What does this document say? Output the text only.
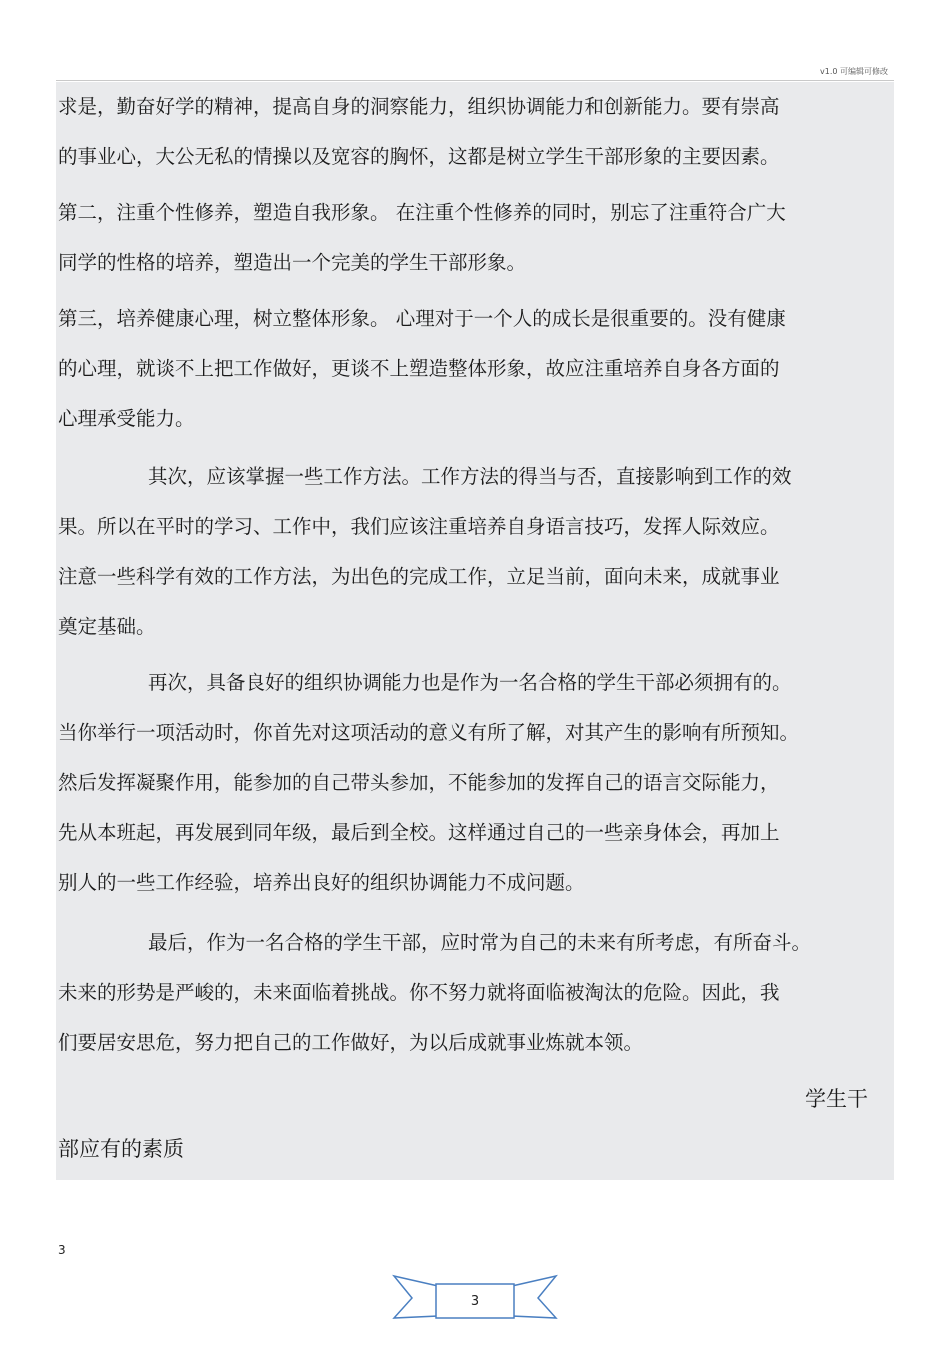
v1.0 可编辑可修改
求是，勤奋好学的精神，提高自身的洞察能力，组织协调能力和创新能力。要有崇高
的事业心，大公无私的情操以及宽容的胸怀，这都是树立学生干部形象的主要因素。
第二，注重个性修养，塑造自我形象。 在注重个性修养的同时，别忘了注重符合广大
同学的性格的培养，塑造出一个完美的学生干部形象。
第三，培养健康心理，树立整体形象。 心理对于一个人的成长是很重要的。没有健康
的心理，就谈不上把工作做好，更谈不上塑造整体形象，故应注重培养自身各方面的
心理承受能力。
其次，应该掌握一些工作方法。工作方法的得当与否，直接影响到工作的效
果。所以在平时的学习、工作中，我们应该注重培养自身语言技巧，发挥人际效应。
注意一些科学有效的工作方法，为出色的完成工作，立足当前，面向未来，成就事业
奠定基础。
再次，具备良好的组织协调能力也是作为一名合格的学生干部必须拥有的。
当你举行一项活动时，你首先对这项活动的意义有所了解，对其产生的影响有所预知。
然后发挥凝聚作用，能参加的自己带头参加，不能参加的发挥自己的语言交际能力，
先从本班起，再发展到同年级，最后到全校。这样通过自己的一些亲身体会，再加上
别人的一些工作经验，培养出良好的组织协调能力不成问题。
最后，作为一名合格的学生干部，应时常为自己的未来有所考虑，有所奋斗。
未来的形势是严峻的，未来面临着挑战。你不努力就将面临被淘汰的危险。因此，我
们要居安思危，努力把自己的工作做好，为以后成就事业炼就本领。
学生干
部应有的素质
3
3
